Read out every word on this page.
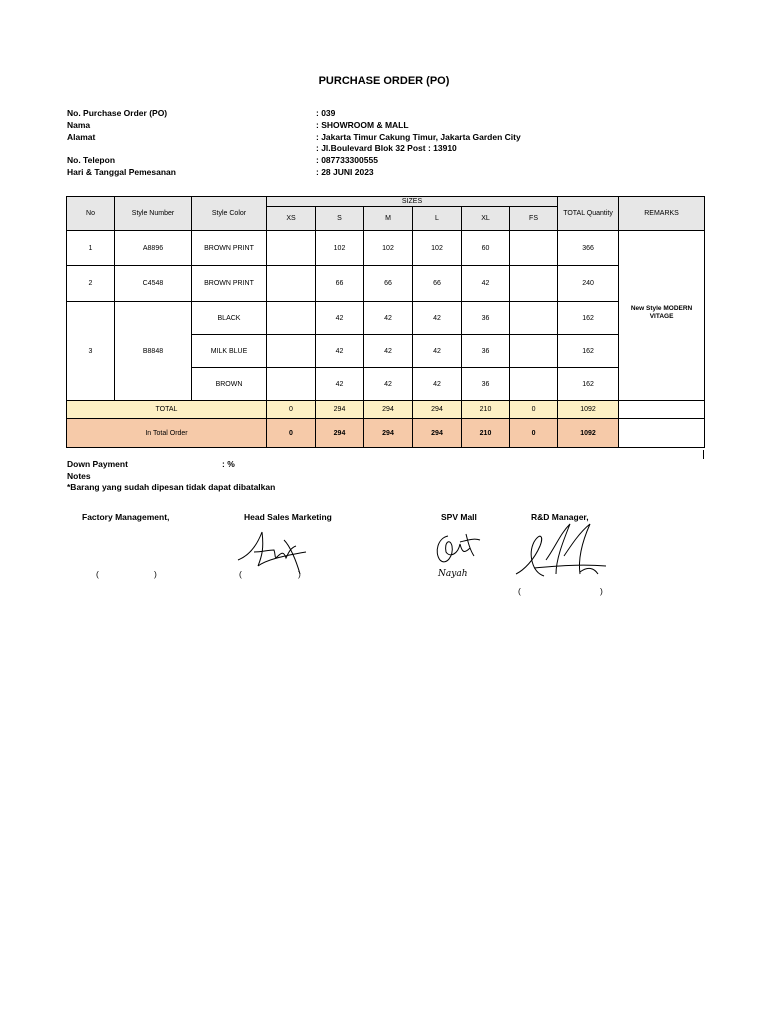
PURCHASE ORDER (PO)
No. Purchase Order (PO)	: 039
Nama	: SHOWROOM & MALL
Alamat	: Jakarta Timur Cakung Timur, Jakarta Garden City
: Jl.Boulevard Blok 32 Post : 13910
No. Telepon	: 087733300555
Hari & Tanggal Pemesanan	: 28 JUNI 2023
No	Style Number	Style Color	SIZES						TOTAL Quantity	REMARKS
			XS	S	M	L	XL	FS		
1	A8896	BROWN PRINT		102	102	102	60		366	New Style MODERN VITAGE

2	C4548	BROWN PRINT		66	66	66	42		240	
3	B8848	BLACK		42	42	42	36		162	
		MILK BLUE		42	42	42	36		162	
		BROWN		42	42	42	36		162	
TOTAL			0	294	294	294	210	0	1092	
In Total Order			0	294	294	294	210	0	1092	
Down Payment	: %
Notes
*Barang yang sudah dipesan tidak dapat dibatalkan
Factory Management,	Head Sales Marketing	SPV Mall	R&D Manager,
(	)	(	)
(	)
Nayah
